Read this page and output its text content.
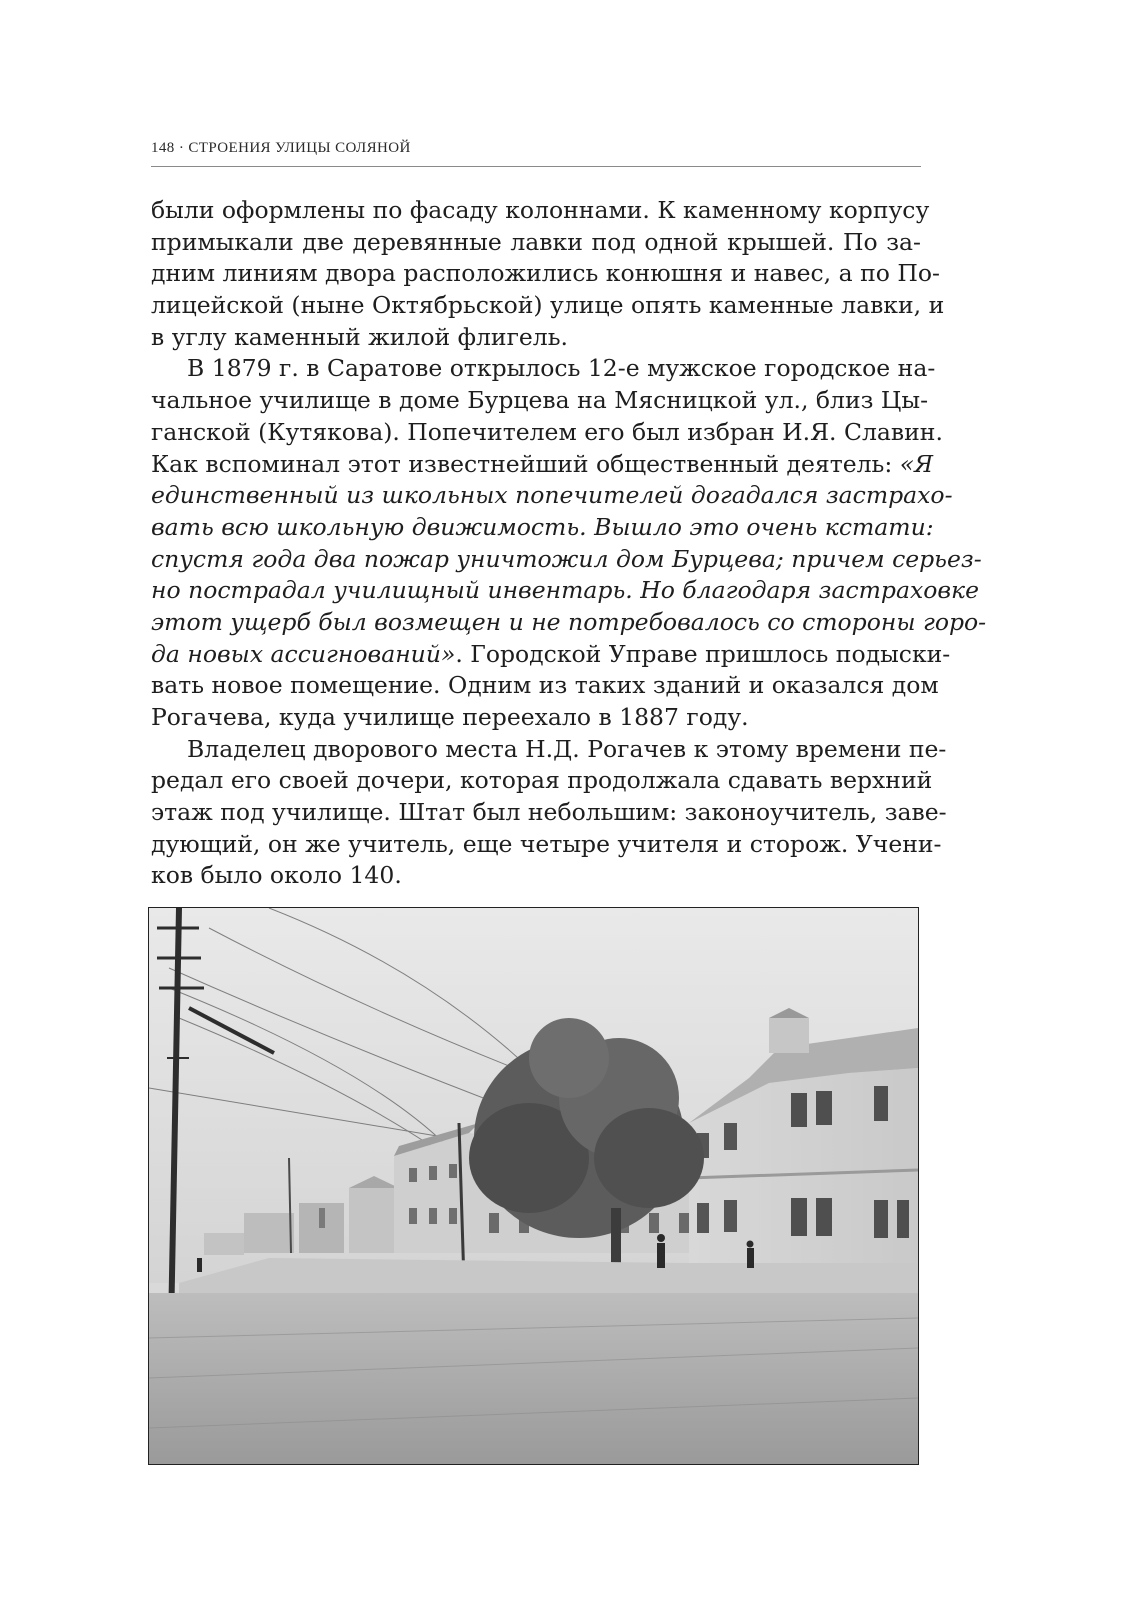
148 · СТРОЕНИЯ УЛИЦЫ СОЛЯНОЙ
были оформлены по фасаду колоннами. К каменному корпусу
примыкали две деревянные лавки под одной крышей. По за-
дним линиям двора расположились конюшня и навес, а по По-
лицейской (ныне Октябрьской) улице опять каменные лавки, и
в углу каменный жилой флигель.
В 1879 г. в Саратове открылось 12-е мужское городское на-
чальное училище в доме Бурцева на Мясницкой ул., близ Цы-
ганской (Кутякова). Попечителем его был избран И.Я. Славин.
Как вспоминал этот известнейший общественный деятель: «Я
единственный из школьных попечителей догадался застрахо-
вать всю школьную движимость. Вышло это очень кстати:
спустя года два пожар уничтожил дом Бурцева; причем серьез-
но пострадал училищный инвентарь. Но благодаря застраховке
этот ущерб был возмещен и не потребовалось со стороны горо-
да новых ассигнований». Городской Управе пришлось подыски-
вать новое помещение. Одним из таких зданий и оказался дом
Рогачева, куда училище переехало в 1887 году.
Владелец дворового места Н.Д. Рогачев к этому времени пе-
редал его своей дочери, которая продолжала сдавать верхний
этаж под училище. Штат был небольшим: законоучитель, заве-
дующий, он же учитель, еще четыре учителя и сторож. Учени-
ков было около 140.
